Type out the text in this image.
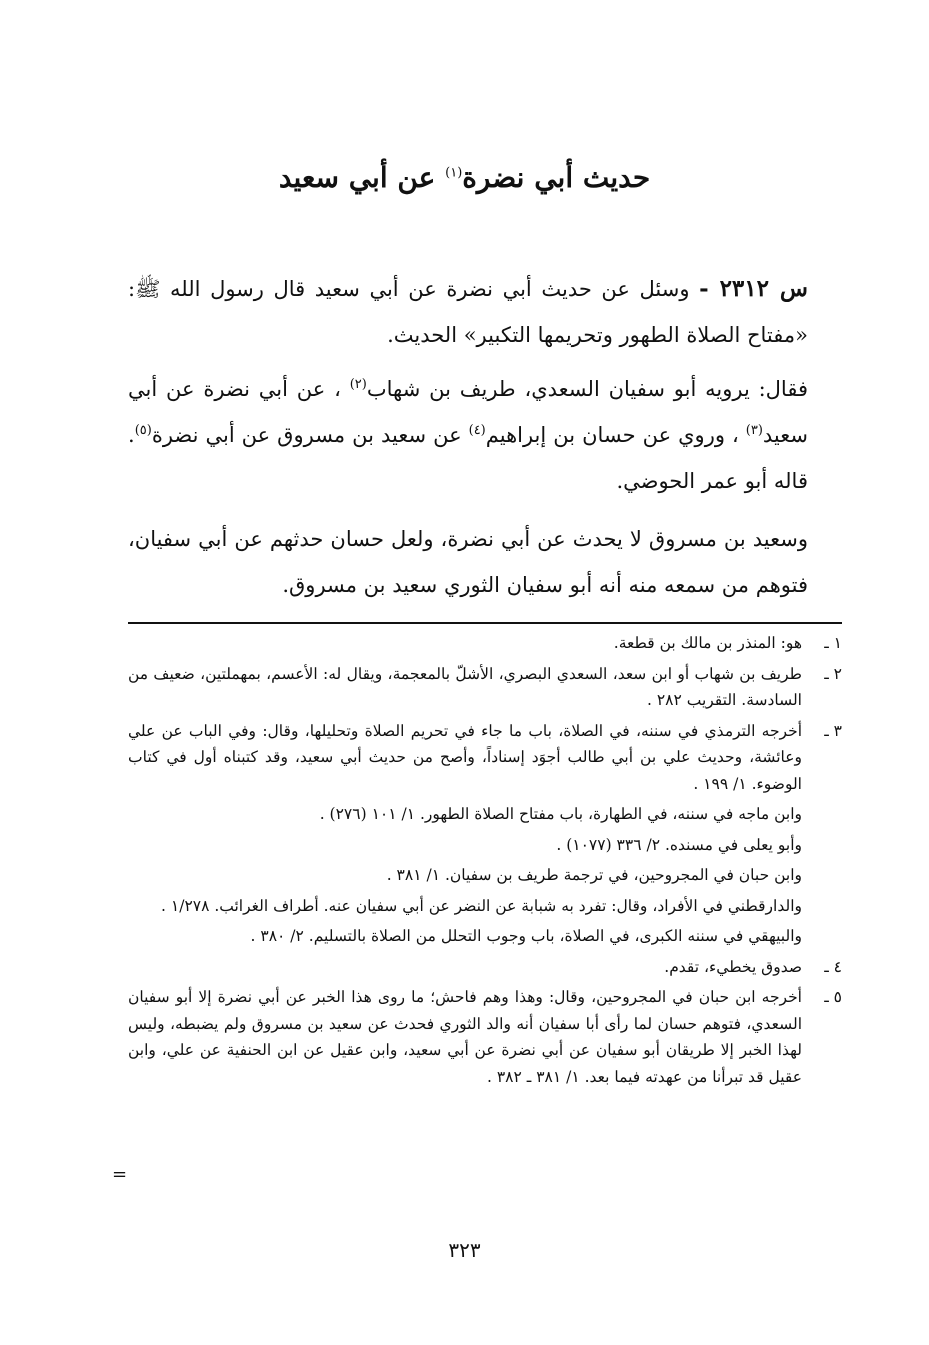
حديث أبي نضرة$^{(١)}$ عن أبي سعيد
س ٢٣١٢ - وسئل عن حديث أبي نضرة عن أبي سعيد قال رسول الله ﷺ: «مفتاح الصلاة الطهور وتحريمها التكبير» الحديث.
فقال: يرويه أبو سفيان السعدي، طريف بن شهاب$^{(٢)}$ ، عن أبي نضرة عن أبي سعيد$^{(٣)}$ ، وروي عن حسان بن إبراهيم$^{(٤)}$ عن سعيد بن مسروق عن أبي نضرة$^{(٥)}$. قاله أبو عمر الحوضي.
وسعيد بن مسروق لا يحدث عن أبي نضرة، ولعل حسان حدثهم عن أبي سفيان، فتوهم من سمعه منه أنه أبو سفيان الثوري سعيد بن مسروق.
١ ـ

هو: المنذر بن مالك بن قطعة.

٢ ـ

طريف بن شهاب أو ابن سعد، السعدي البصري، الأشلّ بالمعجمة، ويقال له: الأعسم، بمهملتين، ضعيف من السادسة. التقريب ٢٨٢ .

٣ ـ

أخرجه الترمذي في سننه، في الصلاة، باب ما جاء في تحريم الصلاة وتحليلها، وقال: وفي الباب عن علي وعائشة، وحديث علي بن أبي طالب أجوَد إسناداً، وأصح من حديث أبي سعيد، وقد كتبناه أول في كتاب الوضوء. ١/ ١٩٩ .

وابن ماجه في سننه، في الطهارة، باب مفتاح الصلاة الطهور. ١/ ١٠١ (٢٧٦) .

وأبو يعلى في مسنده. ٢/ ٣٣٦ (١٠٧٧) .

وابن حبان في المجروحين، في ترجمة طريف بن سفيان. ١/ ٣٨١ .

والدارقطني في الأفراد، وقال: تفرد به شبابة عن النضر عن أبي سفيان عنه. أطراف الغرائب. ١/٢٧٨ .

والبيهقي في سننه الكبرى، في الصلاة، باب وجوب التحلل من الصلاة بالتسليم. ٢/ ٣٨٠ .

٤ ـ

صدوق يخطيء، تقدم.

٥ ـ

أخرجه ابن حبان في المجروحين، وقال: وهذا وهم فاحش؛ ما روى هذا الخبر عن أبي نضرة إلا أبو سفيان السعدي، فتوهم حسان لما رأى أبا سفيان أنه والد الثوري فحدث عن سعيد بن مسروق ولم يضبطه، وليس لهذا الخبر إلا طريقان أبو سفيان عن أبي نضرة عن أبي سعيد، وابن عقيل عن ابن الحنفية عن علي، وابن عقيل قد تبرأنا من عهدته فيما بعد. ١/ ٣٨١ ـ ٣٨٢ .

=
٣٢٣
